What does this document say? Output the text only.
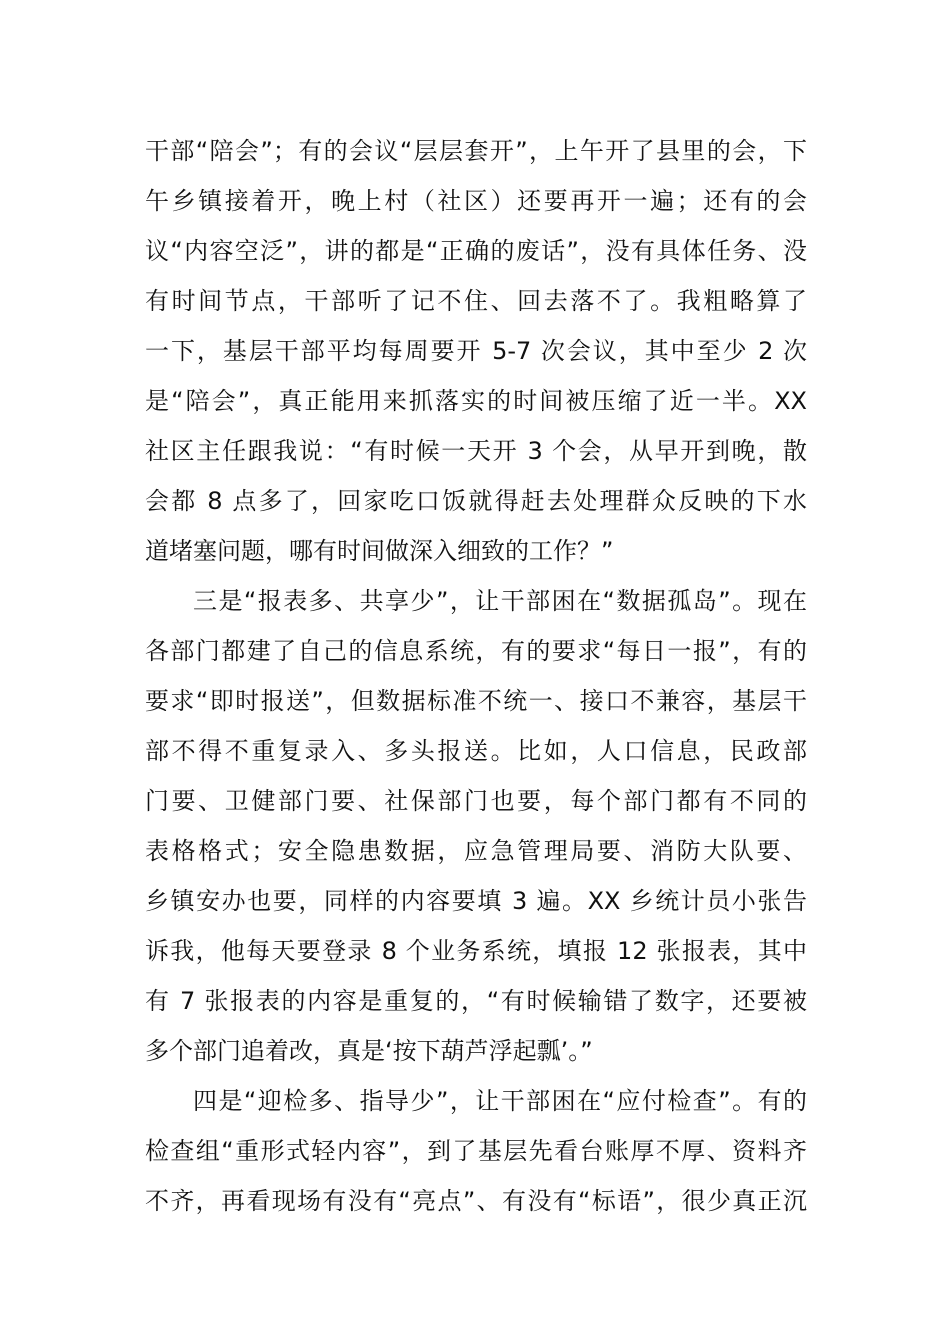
干部“陪会”；有的会议“层层套开”，上午开了县里的会，下
午乡镇接着开，晚上村（社区）还要再开一遍；还有的会
议“内容空泛”，讲的都是“正确的废话”，没有具体任务、没
有时间节点，干部听了记不住、回去落不了。我粗略算了
一下，基层干部平均每周要开 5-7 次会议，其中至少 2 次
是“陪会”，真正能用来抓落实的时间被压缩了近一半。XX
社区主任跟我说：“有时候一天开 3 个会，从早开到晚，散
会都 8 点多了，回家吃口饭就得赶去处理群众反映的下水
道堵塞问题，哪有时间做深入细致的工作？”
三是“报表多、共享少”，让干部困在“数据孤岛”。现在
各部门都建了自己的信息系统，有的要求“每日一报”，有的
要求“即时报送”，但数据标准不统一、接口不兼容，基层干
部不得不重复录入、多头报送。比如，人口信息，民政部
门要、卫健部门要、社保部门也要，每个部门都有不同的
表格格式；安全隐患数据，应急管理局要、消防大队要、
乡镇安办也要，同样的内容要填 3 遍。XX 乡统计员小张告
诉我，他每天要登录 8 个业务系统，填报 12 张报表，其中
有 7 张报表的内容是重复的，“有时候输错了数字，还要被
多个部门追着改，真是‘按下葫芦浮起瓢’。”
四是“迎检多、指导少”，让干部困在“应付检查”。有的
检查组“重形式轻内容”，到了基层先看台账厚不厚、资料齐
不齐，再看现场有没有“亮点”、有没有“标语”，很少真正沉
